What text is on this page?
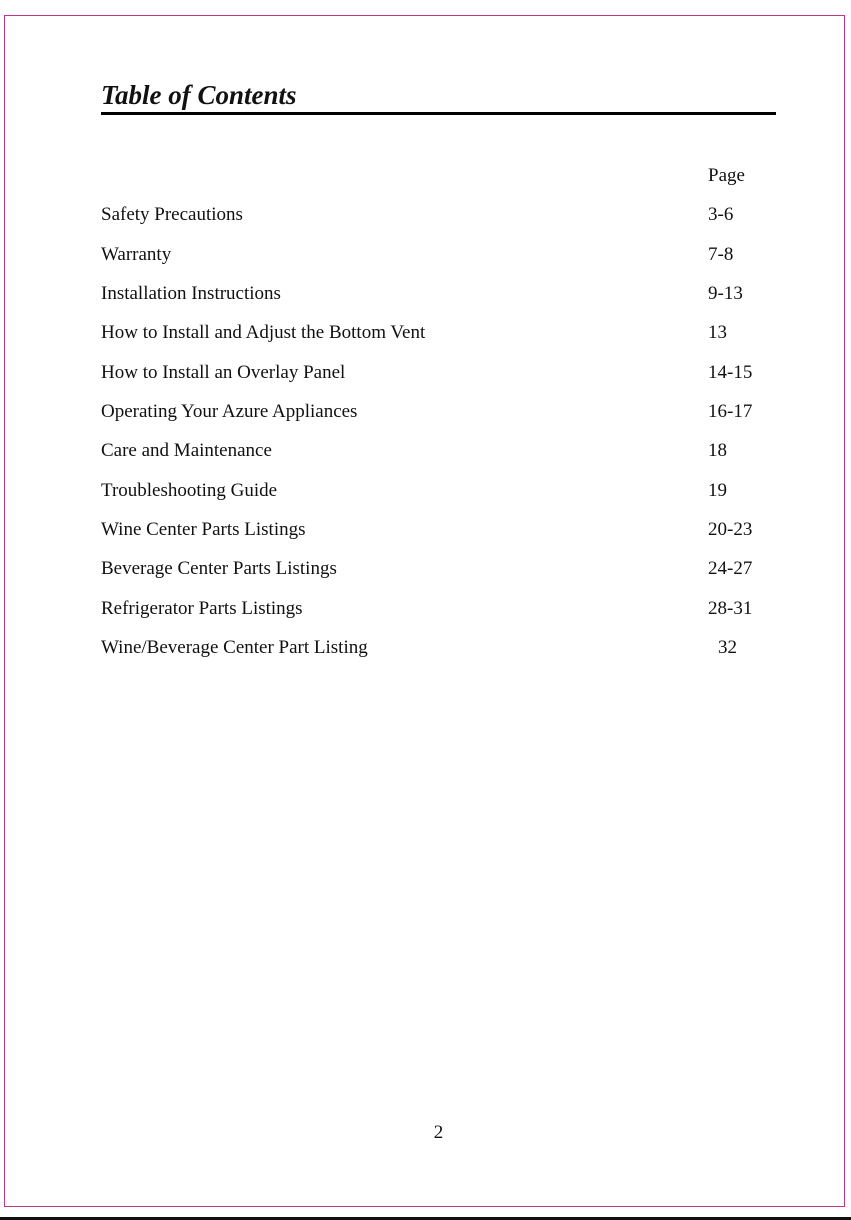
Table of Contents
Page
Safety Precautions	3-6
Warranty	7-8
Installation Instructions	9-13
How to Install and Adjust the Bottom Vent	13
How to Install an Overlay Panel	14-15
Operating Your Azure Appliances	16-17
Care and Maintenance	18
Troubleshooting Guide	19
Wine Center Parts Listings	20-23
Beverage Center Parts Listings	24-27
Refrigerator Parts Listings	28-31
Wine/Beverage Center Part Listing	32
2
